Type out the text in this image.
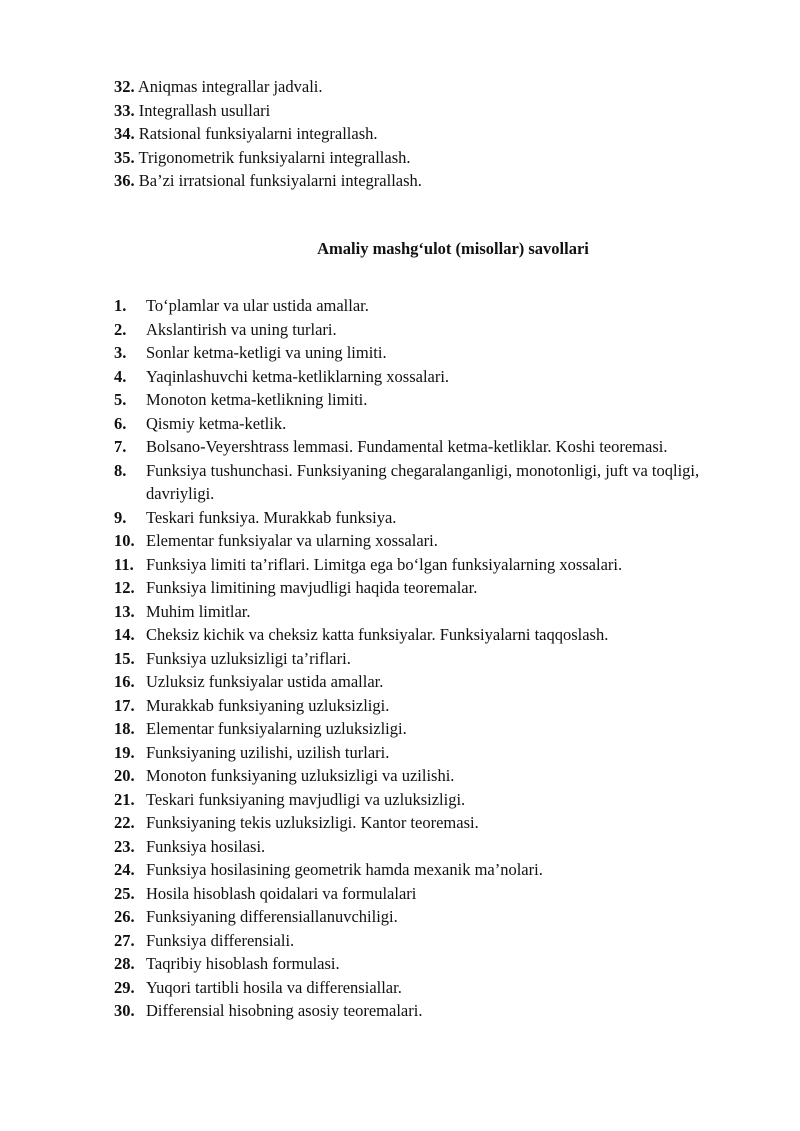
32. Aniqmas integrallar jadvali.
33. Integrallash usullari
34. Ratsional funksiyalarni integrallash.
35. Trigonometrik funksiyalarni integrallash.
36. Ba’zi irratsional funksiyalarni integrallash.
Amaliy mashg‘ulot (misollar) savollari
1.	To‘plamlar va ular ustida amallar.
2.	Akslantirish va uning turlari.
3.	Sonlar ketma-ketligi va uning limiti.
4.	Yaqinlashuvchi ketma-ketliklarning xossalari.
5.	Monoton ketma-ketlikning limiti.
6.	Qismiy ketma-ketlik.
7.	Bolsano-Veyershtrass lemmasi. Fundamental ketma-ketliklar. Koshi teoremasi.
8.	Funksiya tushunchasi. Funksiyaning chegaralanganligi, monotonligi, juft va toqligi, davriyligi.
9.	Teskari funksiya. Murakkab funksiya.
10. Elementar funksiyalar va ularning xossalari.
11. Funksiya limiti ta’riflari. Limitga ega bo‘lgan funksiyalarning xossalari.
12. Funksiya limitining mavjudligi haqida teoremalar.
13. Muhim limitlar.
14. Cheksiz kichik va cheksiz katta funksiyalar. Funksiyalarni taqqoslash.
15. Funksiya uzluksizligi ta’riflari.
16. Uzluksiz funksiyalar ustida amallar.
17. Murakkab funksiyaning uzluksizligi.
18. Elementar funksiyalarning uzluksizligi.
19. Funksiyaning uzilishi, uzilish turlari.
20. Monoton funksiyaning uzluksizligi va uzilishi.
21. Teskari funksiyaning mavjudligi va uzluksizligi.
22. Funksiyaning tekis uzluksizligi. Kantor teoremasi.
23. Funksiya hosilasi.
24. Funksiya hosilasining geometrik hamda mexanik ma’nolari.
25. Hosila hisoblash qoidalari va formulalari
26. Funksiyaning differensiallanuvchiligi.
27. Funksiya differensiali.
28. Taqribiy hisoblash formulasi.
29. Yuqori tartibli hosila va differensiallar.
30. Differensial hisobning asosiy teoremalari.
